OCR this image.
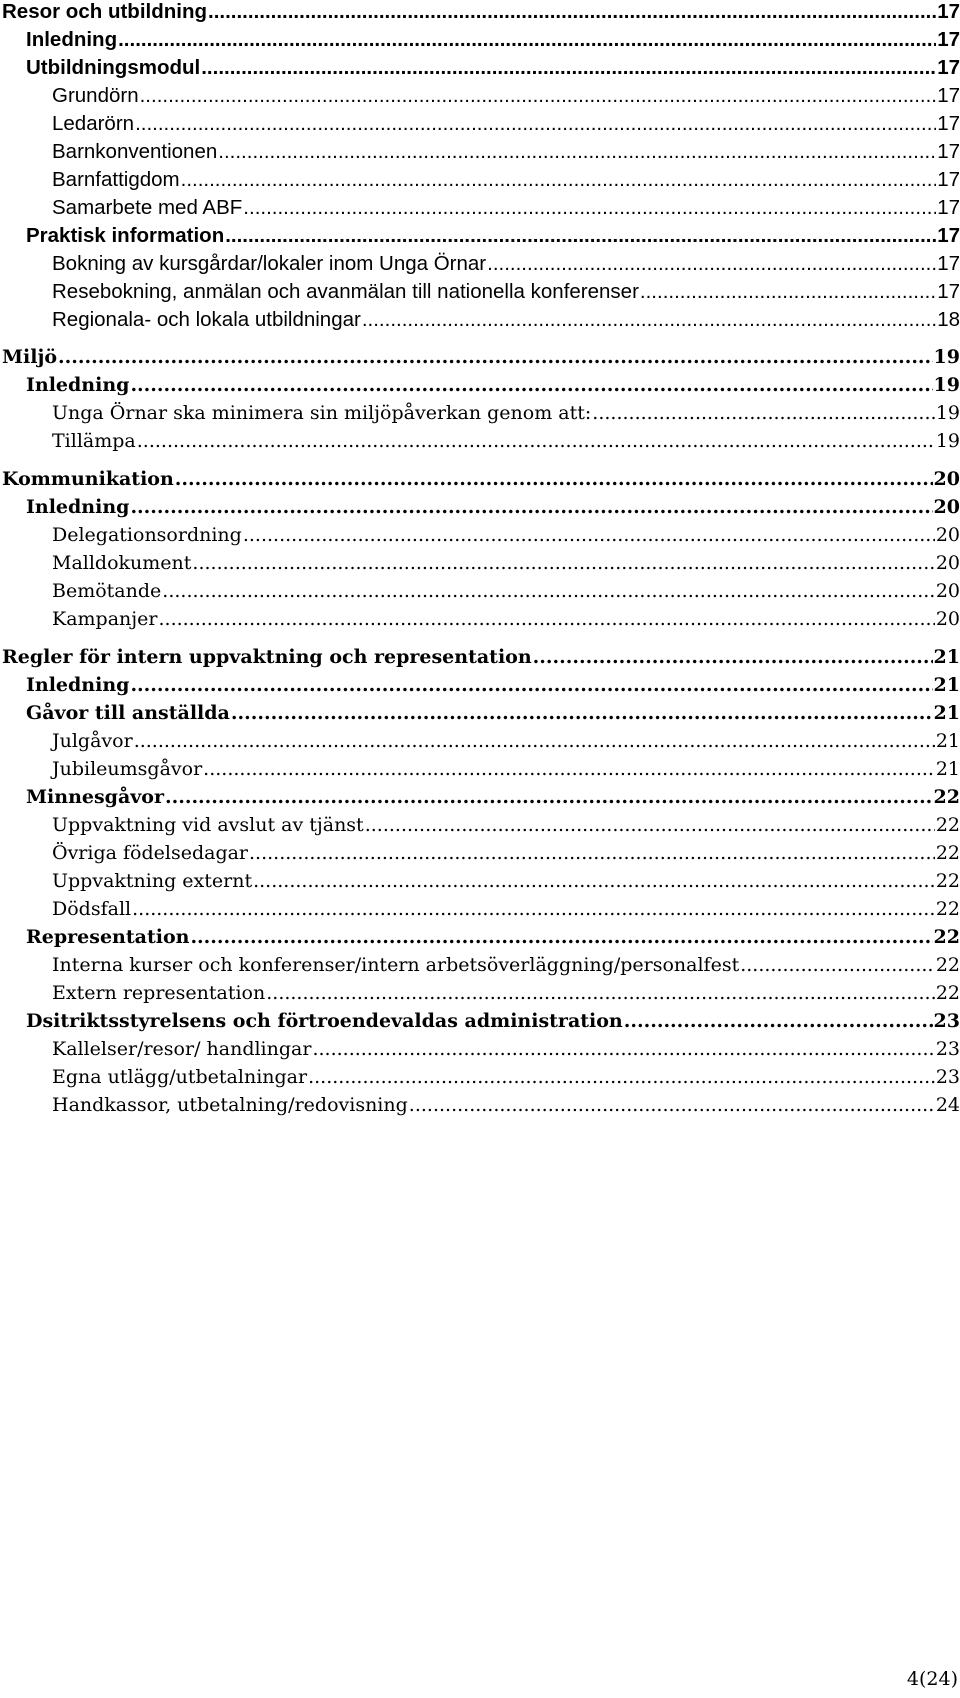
Resor och utbildning .....	17
Inledning .....	17
Utbildningsmodul .....	17
Grundörn .....	17
Ledarörn .....	17
Barnkonventionen .....	17
Barnfattigdom .....	17
Samarbete med ABF .....	17
Praktisk information .....	17
Bokning av kursgårdar/lokaler inom Unga Örnar .....	17
Resebokning, anmälan och avanmälan till nationella konferenser .....	17
Regionala- och lokala utbildningar .....	18
Miljö .....	19
Inledning .....	19
Unga Örnar ska minimera sin miljöpåverkan genom att: .....	19
Tillämpa .....	19
Kommunikation .....	20
Inledning .....	20
Delegationsordning .....	20
Malldokument .....	20
Bemötande .....	20
Kampanjer .....	20
Regler för intern uppvaktning och representation .....	21
Inledning .....	21
Gåvor till anställda .....	21
Julgåvor .....	21
Jubileumsgåvor .....	21
Minnesgåvor .....	22
Uppvaktning vid avslut av tjänst .....	22
Övriga födelsedagar .....	22
Uppvaktning externt .....	22
Dödsfall .....	22
Representation .....	22
Interna kurser och konferenser/intern arbetsöverläggning/personalfest .....	22
Extern representation .....	22
Dsitriktsstyrelsens och förtroendevaldas administration .....	23
Kallelser/resor/ handlingar .....	23
Egna utlägg/utbetalningar .....	23
Handkassor, utbetalning/redovisning .....	24
4(24)
